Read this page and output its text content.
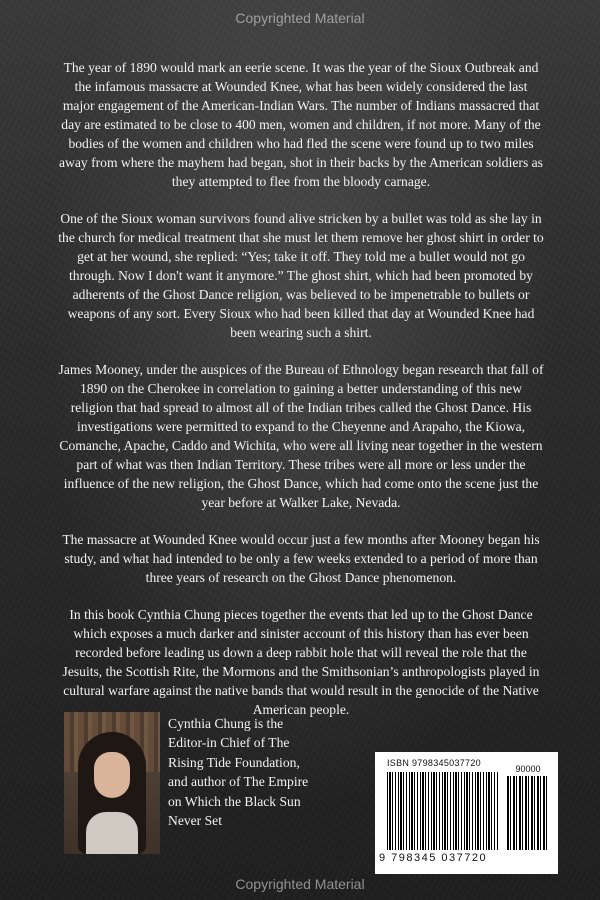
Copyrighted Material

The year of 1890 would mark an eerie scene. It was the year of the Sioux Outbreak and the infamous massacre at Wounded Knee, what has been widely considered the last major engagement of the American-Indian Wars. The number of Indians massacred that day are estimated to be close to 400 men, women and children, if not more. Many of the bodies of the women and children who had fled the scene were found up to two miles away from where the mayhem had began, shot in their backs by the American soldiers as they attempted to flee from the bloody carnage.

One of the Sioux woman survivors found alive stricken by a bullet was told as she lay in the church for medical treatment that she must let them remove her ghost shirt in order to get at her wound, she replied: “Yes; take it off. They told me a bullet would not go through. Now I don't want it anymore.” The ghost shirt, which had been promoted by adherents of the Ghost Dance religion, was believed to be impenetrable to bullets or weapons of any sort. Every Sioux who had been killed that day at Wounded Knee had been wearing such a shirt.

James Mooney, under the auspices of the Bureau of Ethnology began research that fall of 1890 on the Cherokee in correlation to gaining a better understanding of this new religion that had spread to almost all of the Indian tribes called the Ghost Dance. His investigations were permitted to expand to the Cheyenne and Arapaho, the Kiowa, Comanche, Apache, Caddo and Wichita, who were all living near together in the western part of what was then Indian Territory. These tribes were all more or less under the influence of the new religion, the Ghost Dance, which had come onto the scene just the year before at Walker Lake, Nevada.

The massacre at Wounded Knee would occur just a few months after Mooney began his study, and what had intended to be only a few weeks extended to a period of more than three years of research on the Ghost Dance phenomenon.

In this book Cynthia Chung pieces together the events that led up to the Ghost Dance which exposes a much darker and sinister account of this history than has ever been recorded before leading us down a deep rabbit hole that will reveal the role that the Jesuits, the Scottish Rite, the Mormons and the Smithsonian’s anthropologists played in cultural warfare against the native bands that would result in the genocide of the Native American people.

Cynthia Chung is the Editor-in Chief of The Rising Tide Foundation, and author of The Empire on Which the Black Sun Never Set
ISBN 9798345037720
90000
9 798345 037720
Copyrighted Material
